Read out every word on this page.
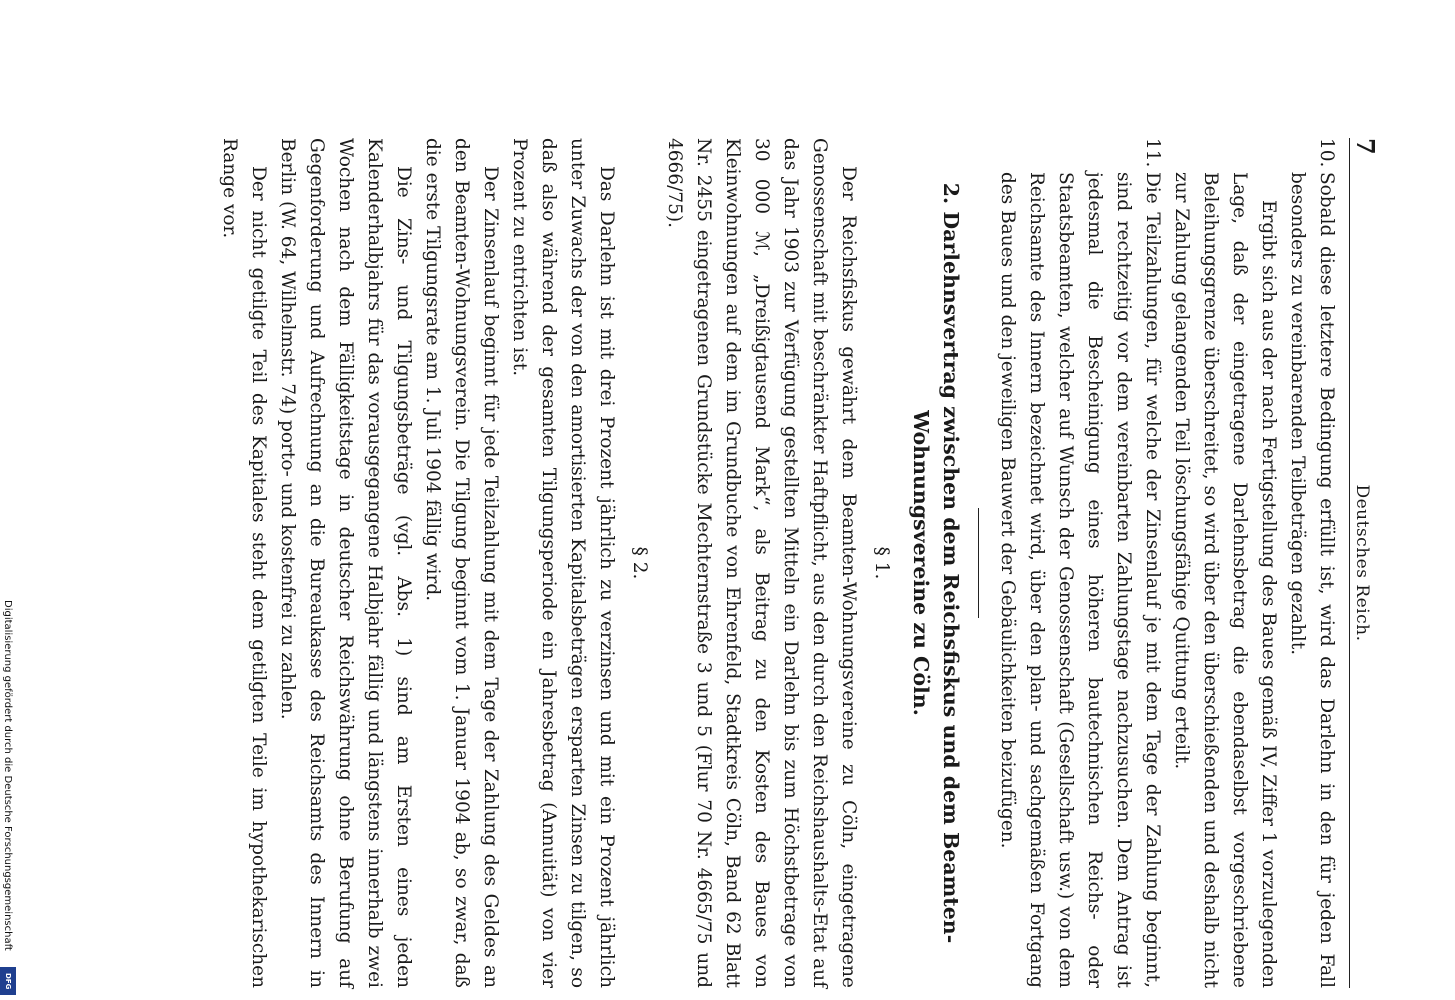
7
Deutsches Reich.
10.

Sobald diese letztere Bedingung erfüllt ist, wird das Darlehn in den für jeden Fall besonders zu vereinbarenden Teilbeträgen gezahlt.

Ergibt sich aus der nach Fertigstellung des Baues gemäß IV, Ziffer 1 vorzulegenden Lage, daß der eingetragene Darlehnsbetrag die ebendaselbst vorgeschriebene Beleihungsgrenze überschreitet, so wird über den überschießenden und deshalb nicht zur Zahlung gelangenden Teil löschungsfähige Quittung erteilt.

11.

Die Teilzahlungen, für welche der Zinsenlauf je mit dem Tage der Zahlung beginnt, sind rechtzeitig vor dem vereinbarten Zahlungstage nachzusuchen. Dem Antrag ist jedesmal die Bescheinigung eines höheren bautechnischen Reichs- oder Staatsbeamten, welcher auf Wunsch der Genossenschaft (Gesellschaft usw.) von dem Reichsamte des Innern bezeichnet wird, über den plan- und sachgemäßen Fortgang des Baues und den jeweiligen Bauwert der Gebäulichkeiten beizufügen.

2. Darlehnsvertrag zwischen dem Reichsfiskus und dem Beamten-Wohnungsvereine zu Cöln.
§ 1.

Der Reichsfiskus gewährt dem Beamten-Wohnungsvereine zu Cöln, eingetragene Genossenschaft mit beschränkter Haftpflicht, aus den durch den Reichshaushalts-Etat auf das Jahr 1903 zur Verfügung gestellten Mitteln ein Darlehn bis zum Höchstbetrage von 30 000 ℳ, „Dreißigtausend Mark“, als Beitrag zu den Kosten des Baues von Kleinwohnungen auf dem im Grundbuche von Ehrenfeld, Stadtkreis Cöln, Band 62 Blatt Nr. 2455 eingetragenen Grundstücke Mechternstraße 3 und 5 (Flur 70 Nr. 4665/75 und 4666/75).

§ 2.

Das Darlehn ist mit drei Prozent jährlich zu verzinsen und mit ein Prozent jährlich unter Zuwachs der von den amortisierten Kapitalsbeträgen ersparten Zinsen zu tilgen, so daß also während der gesamten Tilgungsperiode ein Jahresbetrag (Annuität) von vier Prozent zu entrichten ist.

Der Zinsenlauf beginnt für jede Teilzahlung mit dem Tage der Zahlung des Geldes an den Beamten-Wohnungsverein. Die Tilgung beginnt vom 1. Januar 1904 ab, so zwar, daß die erste Tilgungsrate am 1. Juli 1904 fällig wird.

Die Zins- und Tilgungsbeträge (vgl. Abs. 1) sind am Ersten eines jeden Kalenderhalbjahrs für das vorausgegangene Halbjahr fällig und längstens innerhalb zwei Wochen nach dem Fälligkeitstage in deutscher Reichswährung ohne Berufung auf Gegenforderung und Aufrechnung an die Bureaukasse des Reichsamts des Innern in Berlin (W. 64, Wilhelmstr. 74) porto- und kostenfrei zu zahlen.

Der nicht getilgte Teil des Kapitales steht dem getilgten Teile im hypothekarischen Range vor.

Digitalisierung gefördert durch die Deutsche Forschungsgemeinschaft
DFG
